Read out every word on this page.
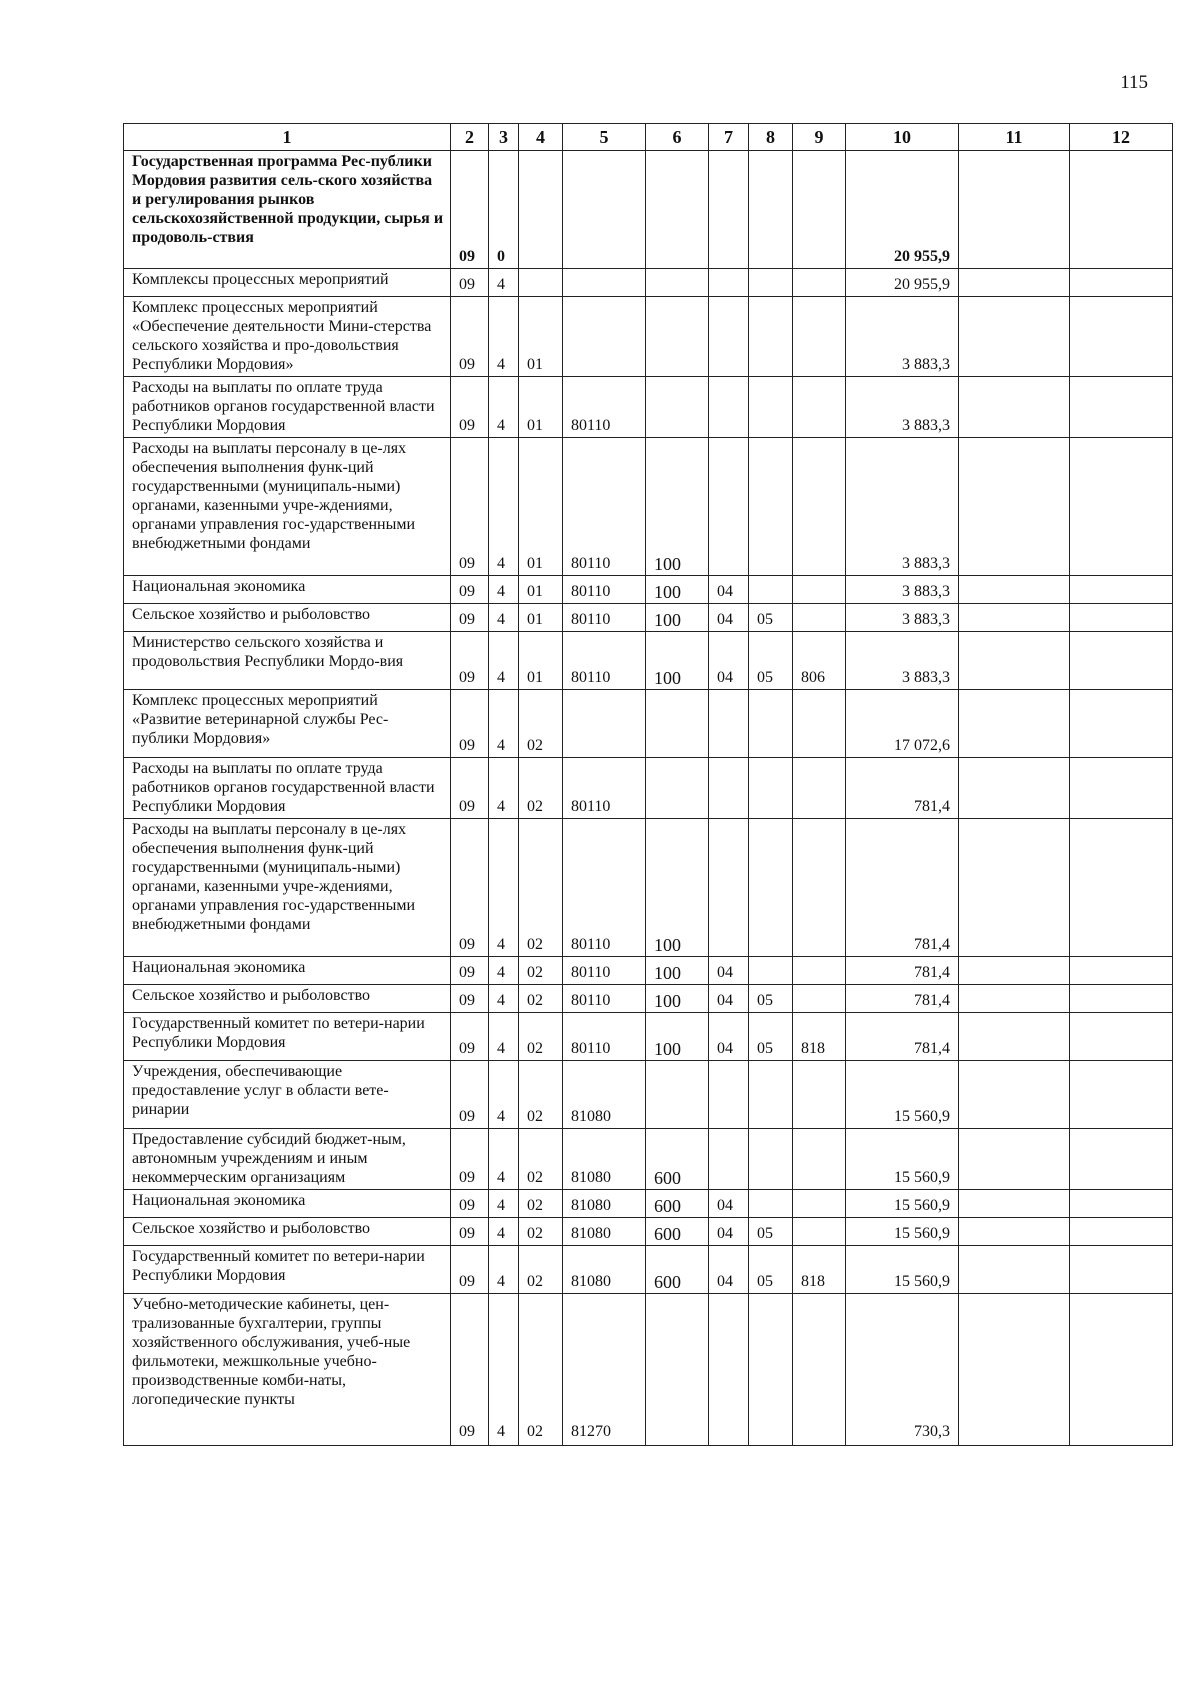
115
1	2	3	4	5	6	7	8	9	10	11	12
Государственная программа Рес-публики Мордовия развития сель-ского хозяйства и регулирования рынков сельскохозяйственной продукции, сырья и продоволь-ствия	09	0							20 955,9		
Комплексы процессных мероприятий	09	4							20 955,9		
Комплекс процессных мероприятий «Обеспечение деятельности Мини-стерства сельского хозяйства и про-довольствия Республики Мордовия»	09	4	01						3 883,3		
Расходы на выплаты по оплате труда работников органов государственной власти Республики Мордовия	09	4	01	80110					3 883,3		
Расходы на выплаты персоналу в це-лях обеспечения выполнения функ-ций государственными (муниципаль-ными) органами, казенными учре-ждениями, органами управления гос-ударственными внебюджетными фондами	09	4	01	80110	100				3 883,3		
Национальная экономика	09	4	01	80110	100	04			3 883,3		
Сельское хозяйство и рыболовство	09	4	01	80110	100	04	05		3 883,3		
Министерство сельского хозяйства и продовольствия Республики Мордо-вия	09	4	01	80110	100	04	05	806	3 883,3		
Комплекс процессных мероприятий «Развитие ветеринарной службы Рес-публики Мордовия»	09	4	02						17 072,6		
Расходы на выплаты по оплате труда работников органов государственной власти Республики Мордовия	09	4	02	80110					781,4		
Расходы на выплаты персоналу в це-лях обеспечения выполнения функ-ций государственными (муниципаль-ными) органами, казенными учре-ждениями, органами управления гос-ударственными внебюджетными фондами	09	4	02	80110	100				781,4		
Национальная экономика	09	4	02	80110	100	04			781,4		
Сельское хозяйство и рыболовство	09	4	02	80110	100	04	05		781,4		
Государственный комитет по ветери-нарии Республики Мордовия	09	4	02	80110	100	04	05	818	781,4		
Учреждения, обеспечивающие предоставление услуг в области вете-ринарии	09	4	02	81080					15 560,9		
Предоставление субсидий бюджет-ным, автономным учреждениям и иным некоммерческим организациям	09	4	02	81080	600				15 560,9		
Национальная экономика	09	4	02	81080	600	04			15 560,9		
Сельское хозяйство и рыболовство	09	4	02	81080	600	04	05		15 560,9		
Государственный комитет по ветери-нарии Республики Мордовия	09	4	02	81080	600	04	05	818	15 560,9		
Учебно-методические кабинеты, цен-трализованные бухгалтерии, группы хозяйственного обслуживания, учеб-ные фильмотеки, межшкольные учебно-производственные комби-наты, логопедические пункты	09	4	02	81270					730,3		
